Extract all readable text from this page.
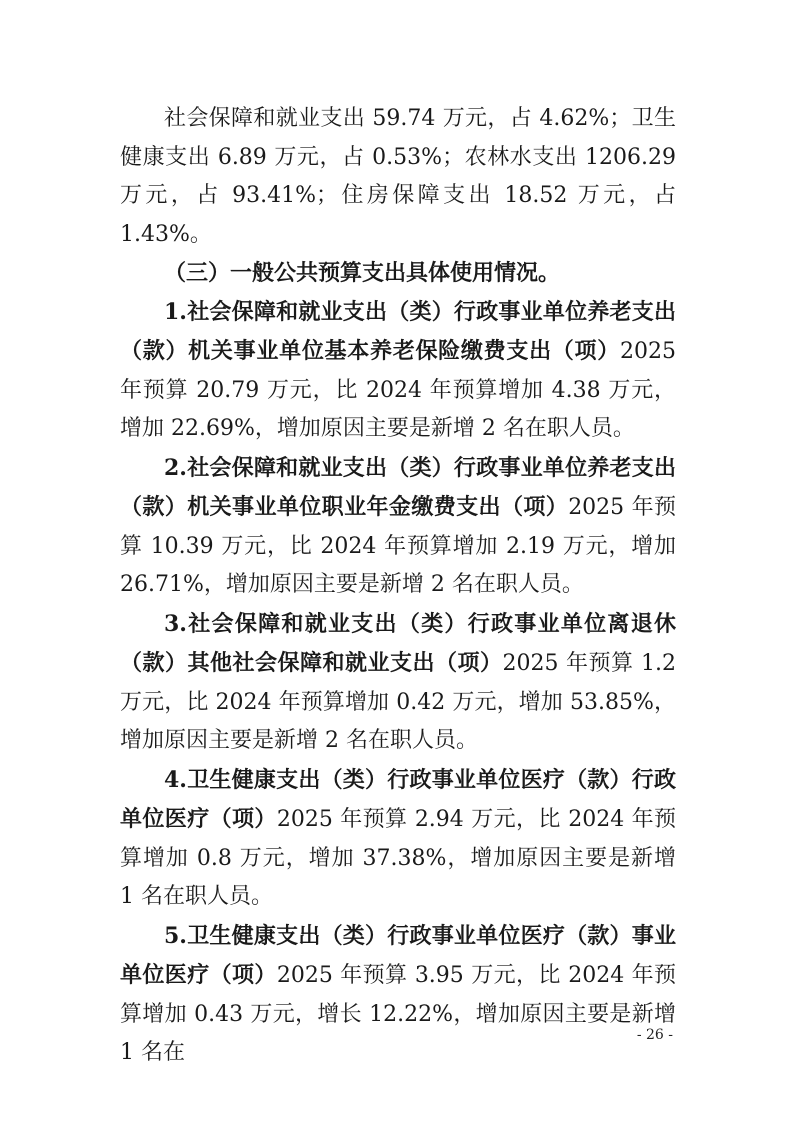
社会保障和就业支出 59.74 万元，占 4.62%；卫生健康支出 6.89 万元，占 0.53%；农林水支出 1206.29 万元，占 93.41%；住房保障支出 18.52 万元，占 1.43%。

（三）一般公共预算支出具体使用情况。

1.社会保障和就业支出（类）行政事业单位养老支出（款）机关事业单位基本养老保险缴费支出（项）2025 年预算 20.79 万元，比 2024 年预算增加 4.38 万元，增加 22.69%，增加原因主要是新增 2 名在职人员。

2.社会保障和就业支出（类）行政事业单位养老支出（款）机关事业单位职业年金缴费支出（项）2025 年预算 10.39 万元，比 2024 年预算增加 2.19 万元，增加 26.71%，增加原因主要是新增 2 名在职人员。

3.社会保障和就业支出（类）行政事业单位离退休（款）其他社会保障和就业支出（项）2025 年预算 1.2 万元，比 2024 年预算增加 0.42 万元，增加 53.85%，增加原因主要是新增 2 名在职人员。

4.卫生健康支出（类）行政事业单位医疗（款）行政单位医疗（项）2025 年预算 2.94 万元，比 2024 年预算增加 0.8 万元，增加 37.38%，增加原因主要是新增 1 名在职人员。

5.卫生健康支出（类）行政事业单位医疗（款）事业单位医疗（项）2025 年预算 3.95 万元，比 2024 年预算增加 0.43 万元，增长 12.22%，增加原因主要是新增 1 名在

- 26 -
